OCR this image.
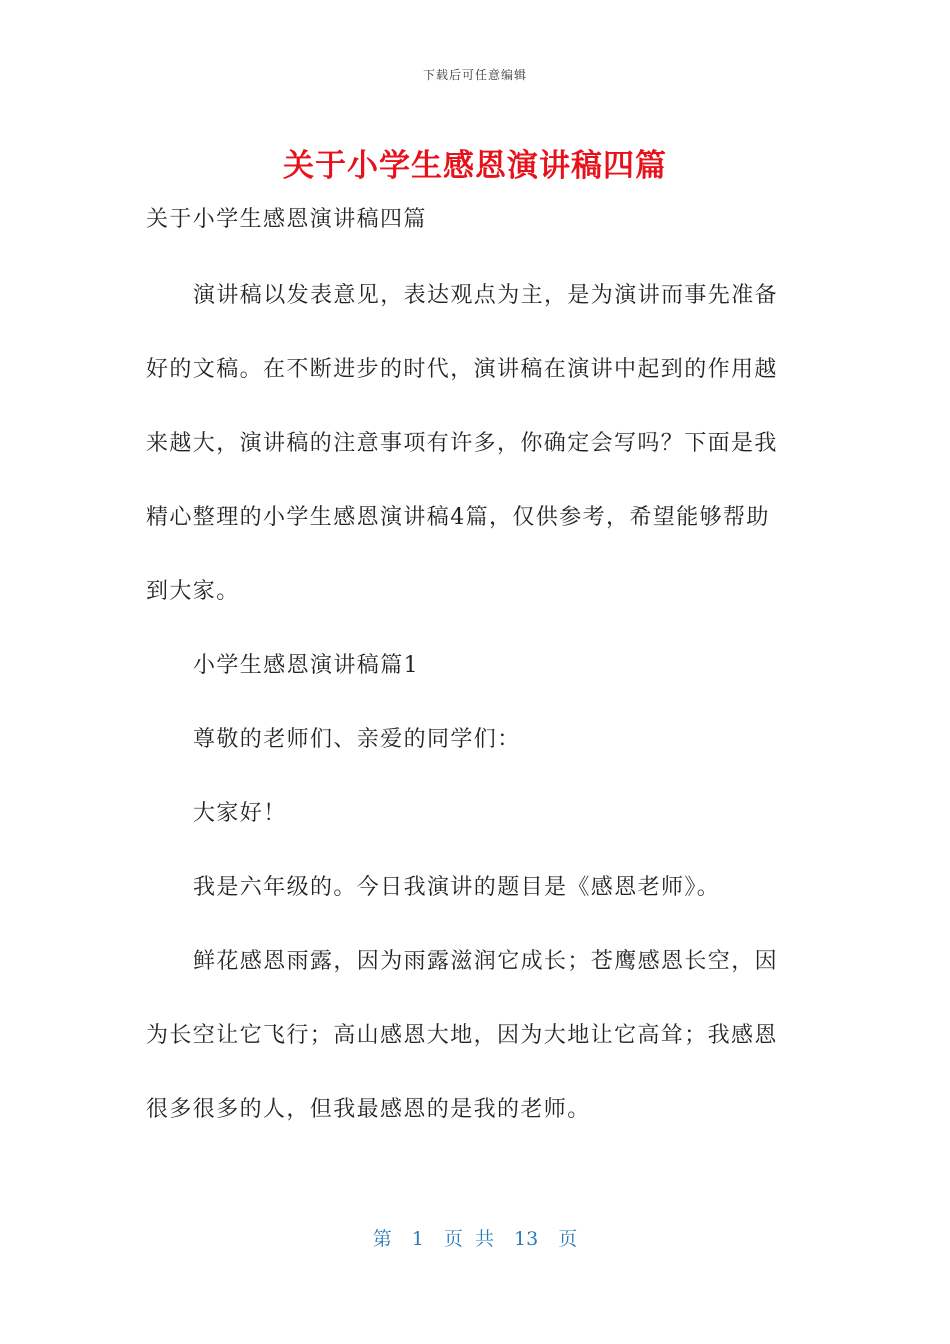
下载后可任意编辑
关于小学生感恩演讲稿四篇
关于小学生感恩演讲稿四篇
演讲稿以发表意见，表达观点为主，是为演讲而事先准备
好的文稿。在不断进步的时代，演讲稿在演讲中起到的作用越
来越大，演讲稿的注意事项有许多，你确定会写吗？下面是我
精心整理的小学生感恩演讲稿4篇，仅供参考，希望能够帮助
到大家。
小学生感恩演讲稿篇1
尊敬的老师们、亲爱的同学们：
大家好！
我是六年级的。今日我演讲的题目是《感恩老师》。
鲜花感恩雨露，因为雨露滋润它成长；苍鹰感恩长空，因
为长空让它飞行；高山感恩大地，因为大地让它高耸；我感恩
很多很多的人，但我最感恩的是我的老师。
第 1 页 共 13 页
